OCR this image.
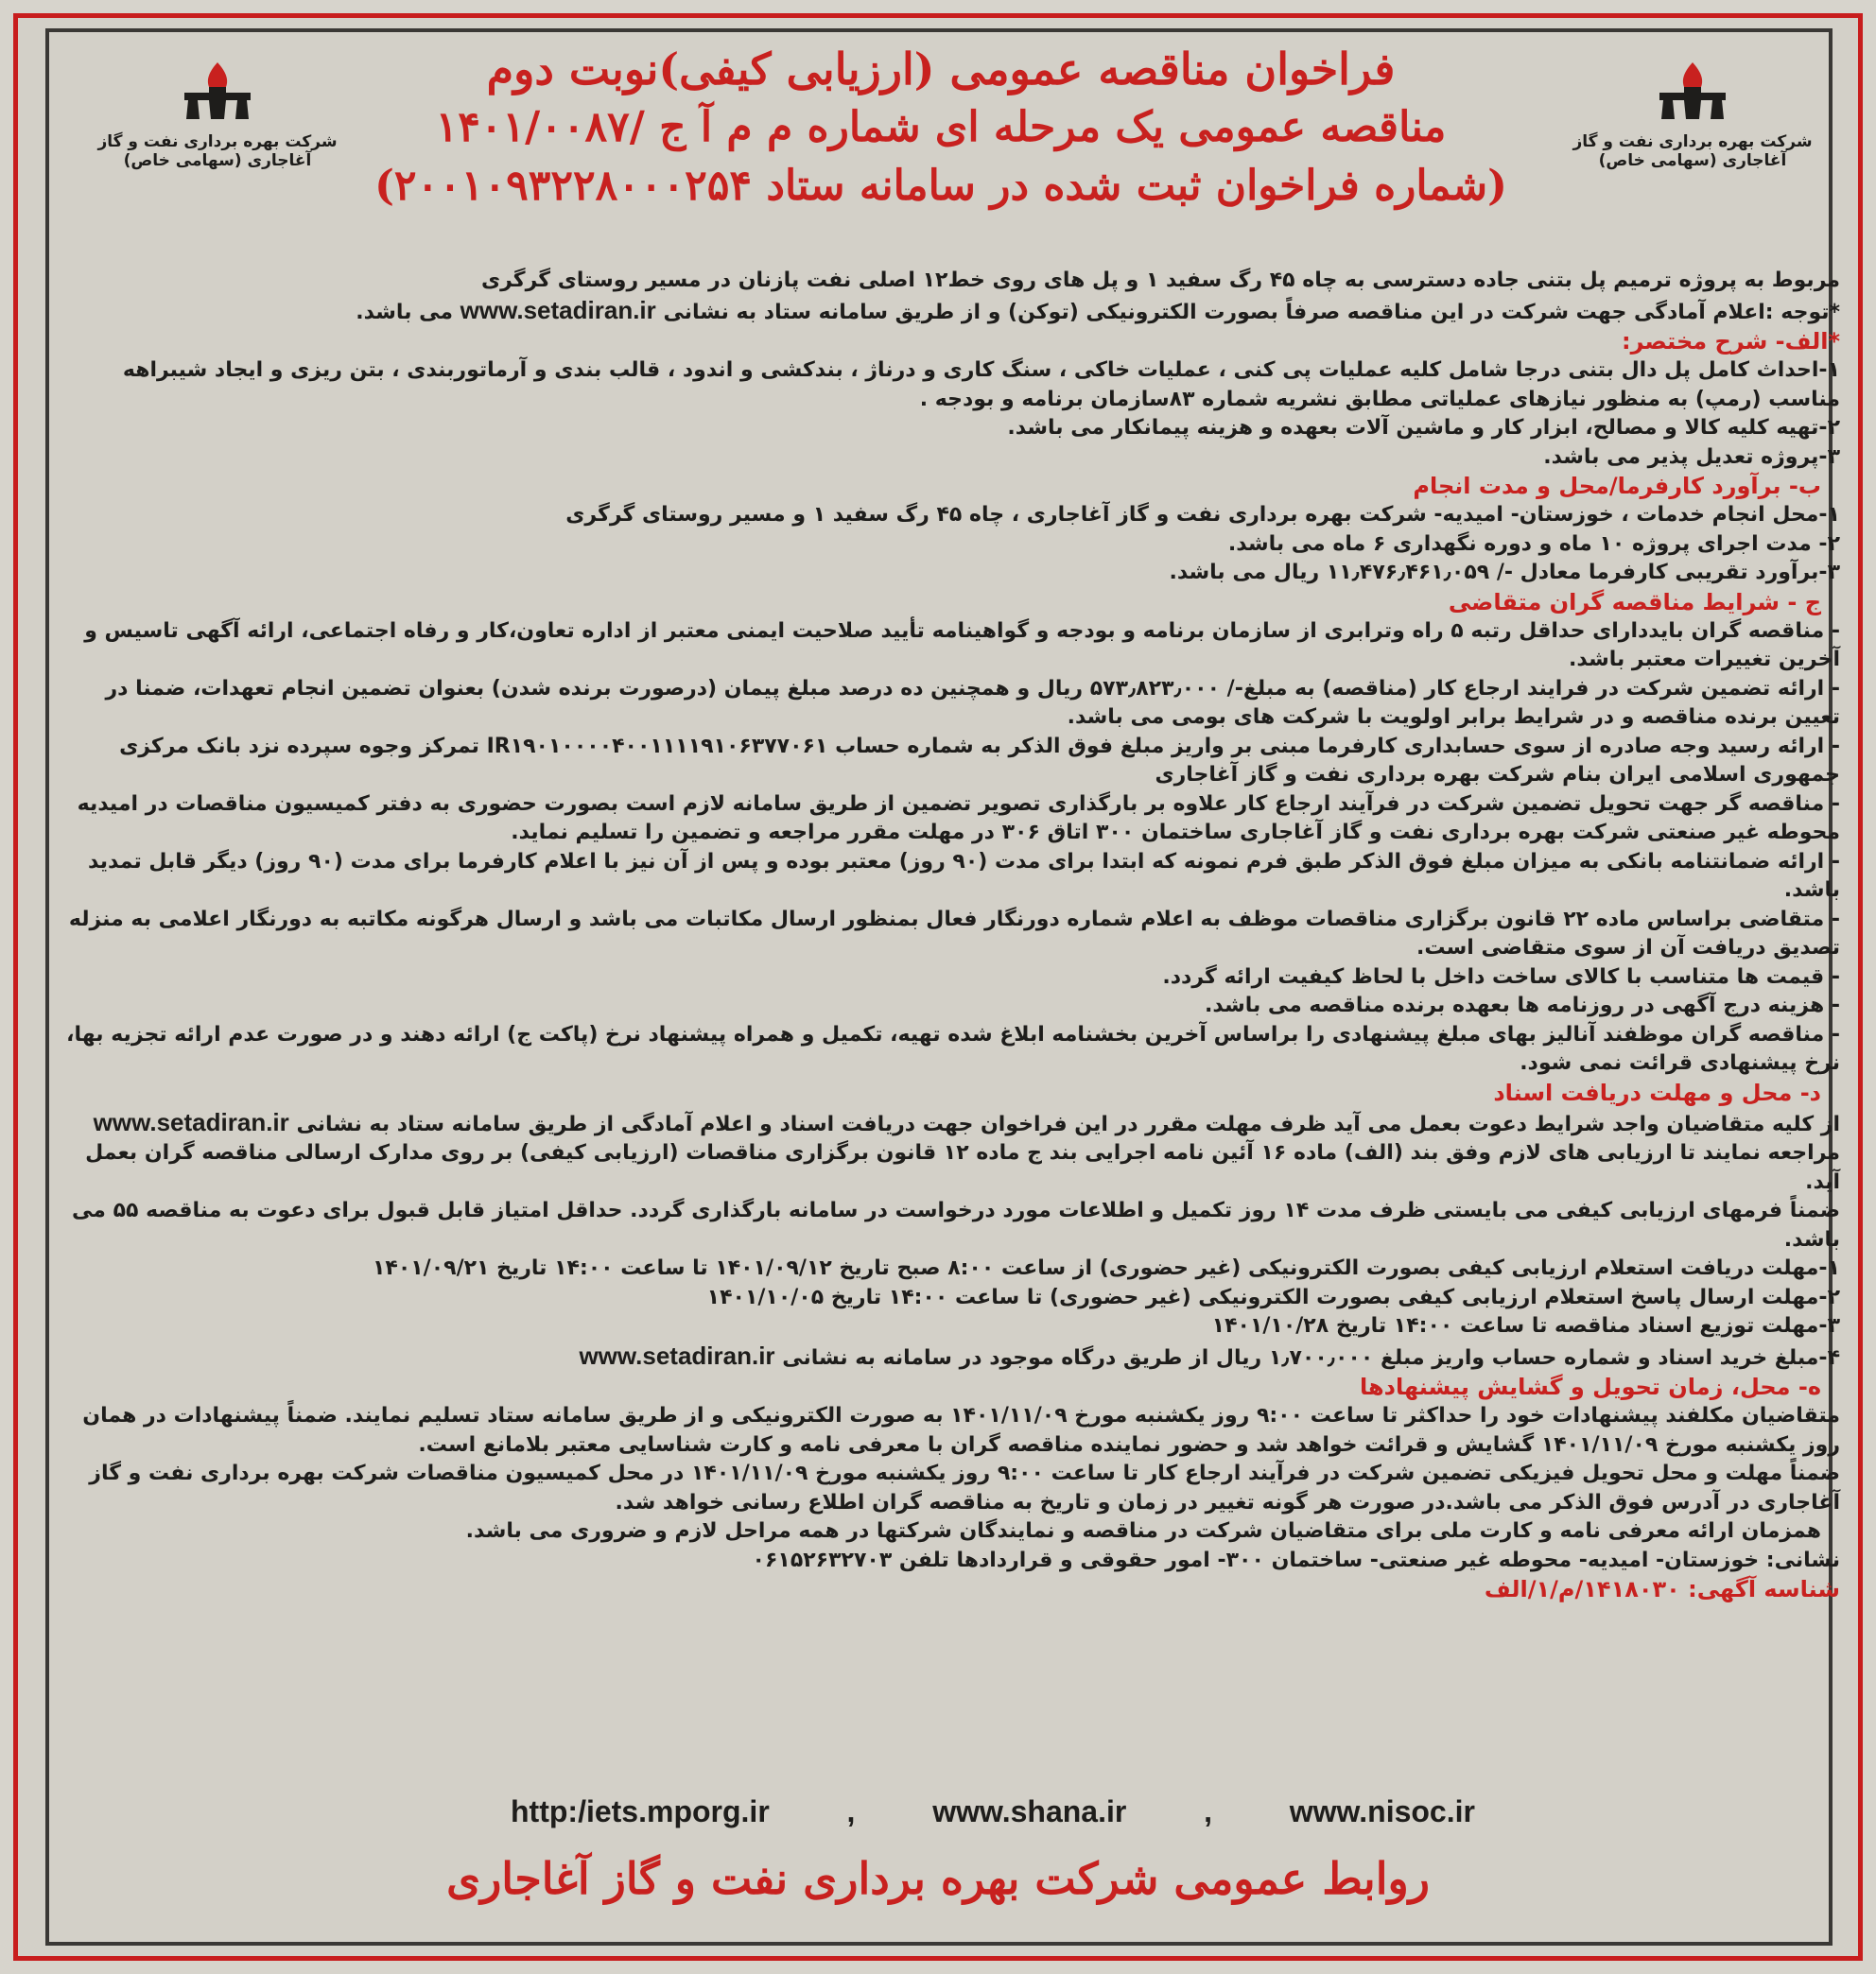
شرکت بهره برداری نفت و گاز آغاجاری (سهامی خاص)
شرکت بهره برداری نفت و گاز آغاجاری (سهامی خاص)
فراخوان مناقصه عمومی (ارزیابی کیفی)نوبت دوم
مناقصه عمومی یک مرحله ای شماره م م آ ج /۱۴۰۱/۰۰۸۷
(شماره فراخوان ثبت شده در سامانه ستاد ۲۰۰۱۰۹۳۲۲۸۰۰۰۲۵۴)

مربوط به پروژه ترمیم پل بتنی جاده دسترسی به چاه ۴۵ رگ سفید ۱ و پل های روی خط۱۲ اصلی نفت پازنان در مسیر روستای گرگری

*توجه :اعلام آمادگی جهت شرکت در این مناقصه صرفاً بصورت الکترونیکی (توکن) و از طریق سامانه ستاد به نشانی www.setadiran.ir می باشد.

*الف- شرح مختصر:

۱-احداث کامل پل دال بتنی درجا شامل کلیه عملیات پی کنی ، عملیات خاکی ، سنگ کاری و درناژ ، بندکشی و اندود ، قالب بندی و آرماتوربندی ، بتن ریزی و ایجاد شیبراهه مناسب (رمپ) به منظور نیازهای عملیاتی مطابق نشریه شماره ۸۳سازمان برنامه و بودجه .

۲-تهیه کلیه کالا و مصالح، ابزار کار و ماشین آلات بعهده و هزینه پیمانکار می باشد.

۳-پروژه تعدیل پذیر می باشد.

ب- برآورد کارفرما/محل و مدت انجام

۱-محل انجام خدمات ، خوزستان- امیدیه- شرکت بهره برداری نفت و گاز آغاجاری ، چاه ۴۵ رگ سفید ۱ و مسیر روستای گرگری

۲- مدت اجرای پروژه ۱۰ ماه و دوره نگهداری ۶ ماه می باشد.

۳-برآورد تقریبی کارفرما معادل -/ ۱۱٫۴۷۶٫۴۶۱٫۰۵۹ ریال می باشد.

ج - شرایط مناقصه گران متقاضی

- مناقصه گران بایددارای حداقل رتبه ۵ راه وترابری از سازمان برنامه و بودجه و گواهینامه تأیید صلاحیت ایمنی معتبر از اداره تعاون،کار و رفاه اجتماعی، ارائه آگهی تاسیس و آخرین تغییرات معتبر باشد.

- ارائه تضمین شرکت در فرایند ارجاع کار (مناقصه) به مبلغ-/ ۵۷۳٫۸۲۳٫۰۰۰ ریال و همچنین ده درصد مبلغ پیمان (درصورت برنده شدن) بعنوان تضمین انجام تعهدات، ضمنا در تعیین برنده مناقصه و در شرایط برابر اولویت با شرکت های بومی می باشد.

- ارائه رسید وجه صادره از سوی حسابداری کارفرما مبنی بر واریز مبلغ فوق الذکر به شماره حساب IR۱۹۰۱۰۰۰۰۴۰۰۱۱۱۱۹۱۰۶۳۷۷۰۶۱ تمرکز وجوه سپرده نزد بانک مرکزی جمهوری اسلامی ایران بنام شرکت بهره برداری نفت و گاز آغاجاری

- مناقصه گر جهت تحویل تضمین شرکت در فرآیند ارجاع کار علاوه بر بارگذاری تصویر تضمین از طریق سامانه لازم است بصورت حضوری به دفتر کمیسیون مناقصات در امیدیه محوطه غیر صنعتی شرکت بهره برداری نفت و گاز آغاجاری ساختمان ۳۰۰ اتاق ۳۰۶ در مهلت مقرر مراجعه و تضمین را تسلیم نماید.

- ارائه ضمانتنامه بانکی به میزان مبلغ فوق الذکر طبق فرم نمونه که ابتدا برای مدت (۹۰ روز) معتبر بوده و پس از آن نیز با اعلام کارفرما برای مدت (۹۰ روز) دیگر قابل تمدید باشد.

- متقاضی براساس ماده ۲۲ قانون برگزاری مناقصات موظف به اعلام شماره دورنگار فعال بمنظور ارسال مکاتبات می باشد و ارسال هرگونه مکاتبه به دورنگار اعلامی به منزله تصدیق دریافت آن از سوی متقاضی است.

- قیمت ها متناسب با کالای ساخت داخل با لحاظ کیفیت ارائه گردد.

- هزینه درج آگهی در روزنامه ها بعهده برنده مناقصه می باشد.

- مناقصه گران موظفند آنالیز بهای مبلغ پیشنهادی را براساس آخرین بخشنامه ابلاغ شده تهیه، تکمیل و همراه پیشنهاد نرخ (پاکت ج) ارائه دهند و در صورت عدم ارائه تجزیه بها، نرخ پیشنهادی قرائت نمی شود.

د- محل و مهلت دریافت اسناد

از کلیه متقاضیان واجد شرایط دعوت بعمل می آید ظرف مهلت مقرر در این فراخوان جهت دریافت اسناد و اعلام آمادگی از طریق سامانه ستاد به نشانی www.setadiran.ir مراجعه نمایند تا ارزیابی های لازم وفق بند (الف) ماده ۱۶ آئین نامه اجرایی بند ج ماده ۱۲ قانون برگزاری مناقصات (ارزیابی کیفی) بر روی مدارک ارسالی مناقصه گران بعمل آید.

ضمناً فرمهای ارزیابی کیفی می بایستی ظرف مدت ۱۴ روز تکمیل و اطلاعات مورد درخواست در سامانه بارگذاری گردد. حداقل امتیاز قابل قبول برای دعوت به مناقصه ۵۵ می باشد.

۱-مهلت دریافت استعلام ارزیابی کیفی بصورت الکترونیکی (غیر حضوری) از ساعت ۸:۰۰ صبح تاریخ ۱۴۰۱/۰۹/۱۲ تا ساعت ۱۴:۰۰ تاریخ ۱۴۰۱/۰۹/۲۱

۲-مهلت ارسال پاسخ استعلام ارزیابی کیفی بصورت الکترونیکی (غیر حضوری) تا ساعت ۱۴:۰۰ تاریخ ۱۴۰۱/۱۰/۰۵

۳-مهلت توزیع اسناد مناقصه تا ساعت ۱۴:۰۰ تاریخ ۱۴۰۱/۱۰/۲۸

۴-مبلغ خرید اسناد و شماره حساب واریز مبلغ ۱٫۷۰۰٫۰۰۰ ریال از طریق درگاه موجود در سامانه به نشانی www.setadiran.ir

ه- محل، زمان تحویل و گشایش پیشنهادها

متقاضیان مکلفند پیشنهادات خود را حداکثر تا ساعت ۹:۰۰ روز یکشنبه مورخ ۱۴۰۱/۱۱/۰۹ به صورت الکترونیکی و از طریق سامانه ستاد تسلیم نمایند. ضمناً پیشنهادات در همان روز یکشنبه مورخ ۱۴۰۱/۱۱/۰۹ گشایش و قرائت خواهد شد و حضور نماینده مناقصه گران با معرفی نامه و کارت شناسایی معتبر بلامانع است.

ضمناً مهلت و محل تحویل فیزیکی تضمین شرکت در فرآیند ارجاع کار تا ساعت ۹:۰۰ روز یکشنبه مورخ ۱۴۰۱/۱۱/۰۹ در محل کمیسیون مناقصات شرکت بهره برداری نفت و گاز آغاجاری در آدرس فوق الذکر می باشد.در صورت هر گونه تغییر در زمان و تاریخ به مناقصه گران اطلاع رسانی خواهد شد.

همزمان ارائه معرفی نامه و کارت ملی برای متقاضیان شرکت در مناقصه و نمایندگان شرکتها در همه مراحل لازم و ضروری می باشد.

نشانی: خوزستان- امیدیه- محوطه غیر صنعتی- ساختمان ۳۰۰- امور حقوقی و قراردادها تلفن ۰۶۱۵۲۶۳۲۷۰۳

شناسه آگهی: ۱۴۱۸۰۳۰/م/۱/الف

http:/iets.mporg.ir	,	www.shana.ir	,	www.nisoc.ir
روابط عمومی شرکت بهره برداری نفت و گاز آغاجاری
